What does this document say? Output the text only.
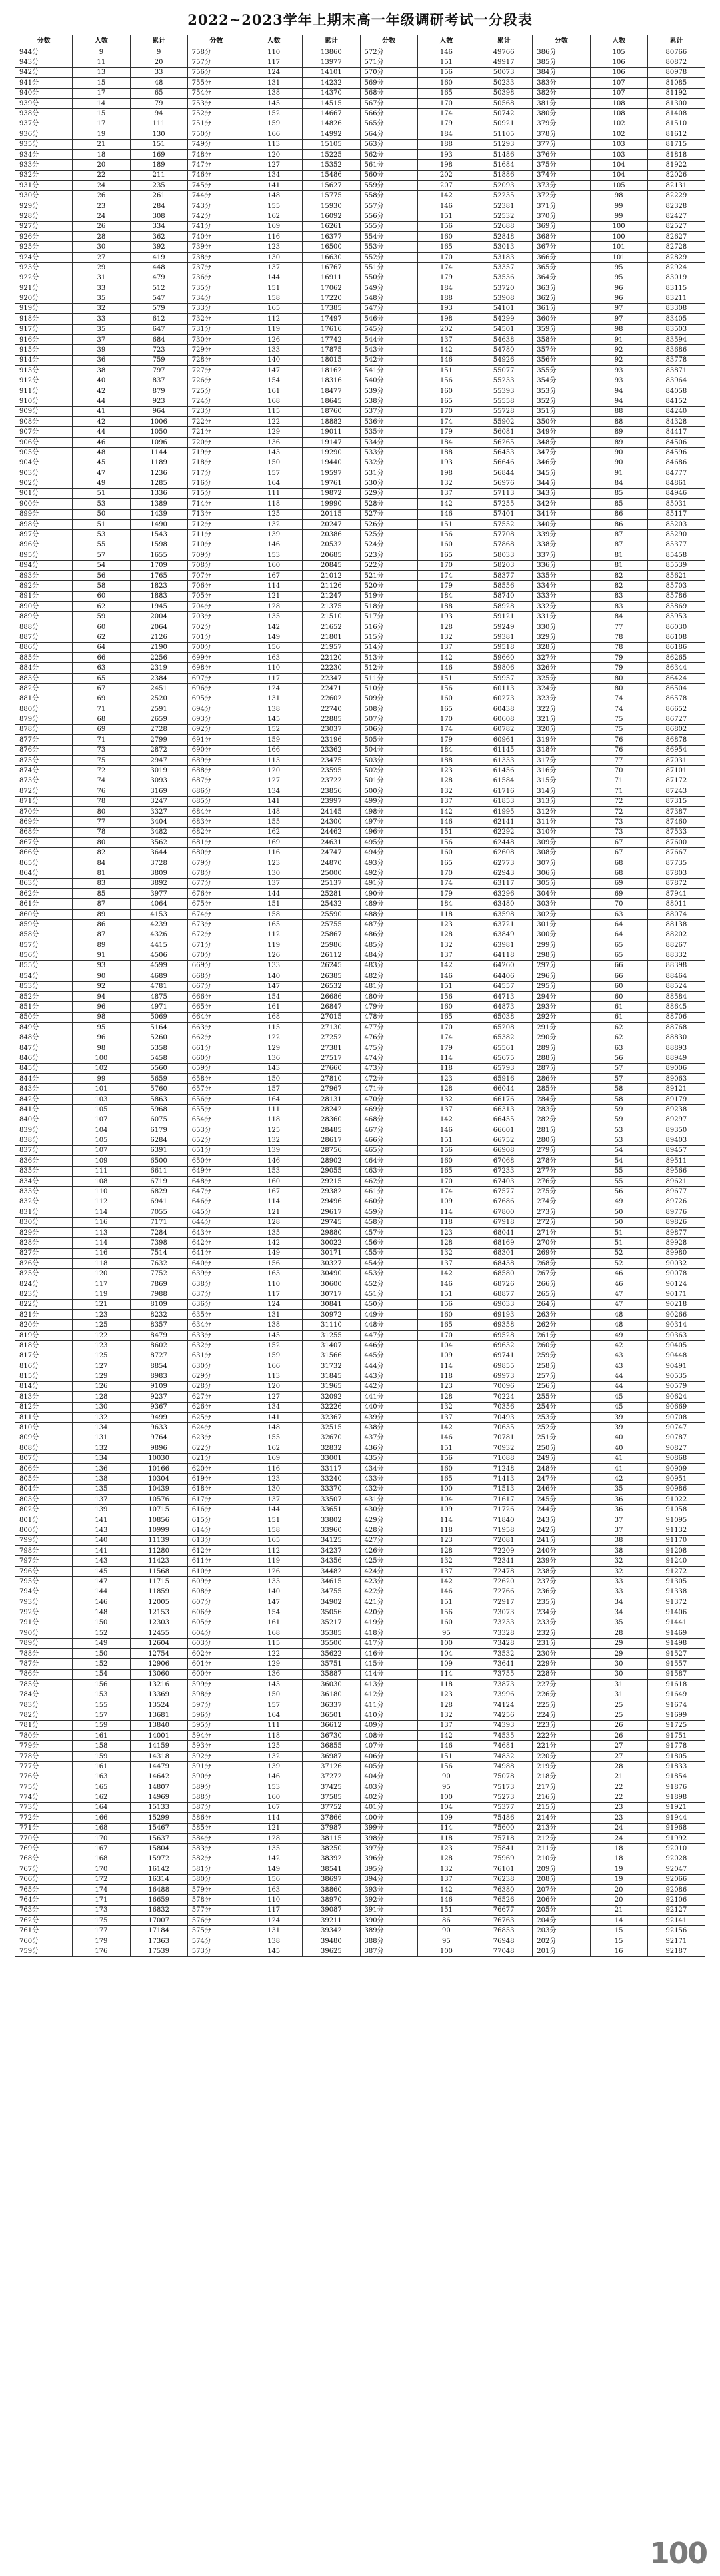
2022~2023学年上期末高一年级调研考试一分段表
分数	人数	累计	分数	人数	累计	分数	人数	累计	分数	人数	累计
944分	9	9	758分	110	13860	572分	146	49766	386分	105	80766
943分	11	20	757分	117	13977	571分	151	49917	385分	106	80872
942分	13	33	756分	124	14101	570分	156	50073	384分	106	80978
941分	15	48	755分	131	14232	569分	160	50233	383分	107	81085
940分	17	65	754分	138	14370	568分	165	50398	382分	107	81192
939分	14	79	753分	145	14515	567分	170	50568	381分	108	81300
938分	15	94	752分	152	14667	566分	174	50742	380分	108	81408
937分	17	111	751分	159	14826	565分	179	50921	379分	102	81510
936分	19	130	750分	166	14992	564分	184	51105	378分	102	81612
935分	21	151	749分	113	15105	563分	188	51293	377分	103	81715
934分	18	169	748分	120	15225	562分	193	51486	376分	103	81818
933分	20	189	747分	127	15352	561分	198	51684	375分	104	81922
932分	22	211	746分	134	15486	560分	202	51886	374分	104	82026
931分	24	235	745分	141	15627	559分	207	52093	373分	105	82131
930分	26	261	744分	148	15775	558分	142	52235	372分	98	82229
929分	23	284	743分	155	15930	557分	146	52381	371分	99	82328
928分	24	308	742分	162	16092	556分	151	52532	370分	99	82427
927分	26	334	741分	169	16261	555分	156	52688	369分	100	82527
926分	28	362	740分	116	16377	554分	160	52848	368分	100	82627
925分	30	392	739分	123	16500	553分	165	53013	367分	101	82728
924分	27	419	738分	130	16630	552分	170	53183	366分	101	82829
923分	29	448	737分	137	16767	551分	174	53357	365分	95	82924
922分	31	479	736分	144	16911	550分	179	53536	364分	95	83019
921分	33	512	735分	151	17062	549分	184	53720	363分	96	83115
920分	35	547	734分	158	17220	548分	188	53908	362分	96	83211
919分	32	579	733分	165	17385	547分	193	54101	361分	97	83308
918分	33	612	732分	112	17497	546分	198	54299	360分	97	83405
917分	35	647	731分	119	17616	545分	202	54501	359分	98	83503
916分	37	684	730分	126	17742	544分	137	54638	358分	91	83594
915分	39	723	729分	133	17875	543分	142	54780	357分	92	83686
914分	36	759	728分	140	18015	542分	146	54926	356分	92	83778
913分	38	797	727分	147	18162	541分	151	55077	355分	93	83871
912分	40	837	726分	154	18316	540分	156	55233	354分	93	83964
911分	42	879	725分	161	18477	539分	160	55393	353分	94	84058
910分	44	923	724分	168	18645	538分	165	55558	352分	94	84152
909分	41	964	723分	115	18760	537分	170	55728	351分	88	84240
908分	42	1006	722分	122	18882	536分	174	55902	350分	88	84328
907分	44	1050	721分	129	19011	535分	179	56081	349分	89	84417
906分	46	1096	720分	136	19147	534分	184	56265	348分	89	84506
905分	48	1144	719分	143	19290	533分	188	56453	347分	90	84596
904分	45	1189	718分	150	19440	532分	193	56646	346分	90	84686
903分	47	1236	717分	157	19597	531分	198	56844	345分	91	84777
902分	49	1285	716分	164	19761	530分	132	56976	344分	84	84861
901分	51	1336	715分	111	19872	529分	137	57113	343分	85	84946
900分	53	1389	714分	118	19990	528分	142	57255	342分	85	85031
899分	50	1439	713分	125	20115	527分	146	57401	341分	86	85117
898分	51	1490	712分	132	20247	526分	151	57552	340分	86	85203
897分	53	1543	711分	139	20386	525分	156	57708	339分	87	85290
896分	55	1598	710分	146	20532	524分	160	57868	338分	87	85377
895分	57	1655	709分	153	20685	523分	165	58033	337分	81	85458
894分	54	1709	708分	160	20845	522分	170	58203	336分	81	85539
893分	56	1765	707分	167	21012	521分	174	58377	335分	82	85621
892分	58	1823	706分	114	21126	520分	179	58556	334分	82	85703
891分	60	1883	705分	121	21247	519分	184	58740	333分	83	85786
890分	62	1945	704分	128	21375	518分	188	58928	332分	83	85869
889分	59	2004	703分	135	21510	517分	193	59121	331分	84	85953
888分	60	2064	702分	142	21652	516分	128	59249	330分	77	86030
887分	62	2126	701分	149	21801	515分	132	59381	329分	78	86108
886分	64	2190	700分	156	21957	514分	137	59518	328分	78	86186
885分	66	2256	699分	163	22120	513分	142	59660	327分	79	86265
884分	63	2319	698分	110	22230	512分	146	59806	326分	79	86344
883分	65	2384	697分	117	22347	511分	151	59957	325分	80	86424
882分	67	2451	696分	124	22471	510分	156	60113	324分	80	86504
881分	69	2520	695分	131	22602	509分	160	60273	323分	74	86578
880分	71	2591	694分	138	22740	508分	165	60438	322分	74	86652
879分	68	2659	693分	145	22885	507分	170	60608	321分	75	86727
878分	69	2728	692分	152	23037	506分	174	60782	320分	75	86802
877分	71	2799	691分	159	23196	505分	179	60961	319分	76	86878
876分	73	2872	690分	166	23362	504分	184	61145	318分	76	86954
875分	75	2947	689分	113	23475	503分	188	61333	317分	77	87031
874分	72	3019	688分	120	23595	502分	123	61456	316分	70	87101
873分	74	3093	687分	127	23722	501分	128	61584	315分	71	87172
872分	76	3169	686分	134	23856	500分	132	61716	314分	71	87243
871分	78	3247	685分	141	23997	499分	137	61853	313分	72	87315
870分	80	3327	684分	148	24145	498分	142	61995	312分	72	87387
869分	77	3404	683分	155	24300	497分	146	62141	311分	73	87460
868分	78	3482	682分	162	24462	496分	151	62292	310分	73	87533
867分	80	3562	681分	169	24631	495分	156	62448	309分	67	87600
866分	82	3644	680分	116	24747	494分	160	62608	308分	67	87667
865分	84	3728	679分	123	24870	493分	165	62773	307分	68	87735
864分	81	3809	678分	130	25000	492分	170	62943	306分	68	87803
863分	83	3892	677分	137	25137	491分	174	63117	305分	69	87872
862分	85	3977	676分	144	25281	490分	179	63296	304分	69	87941
861分	87	4064	675分	151	25432	489分	184	63480	303分	70	88011
860分	89	4153	674分	158	25590	488分	118	63598	302分	63	88074
859分	86	4239	673分	165	25755	487分	123	63721	301分	64	88138
858分	87	4326	672分	112	25867	486分	128	63849	300分	64	88202
857分	89	4415	671分	119	25986	485分	132	63981	299分	65	88267
856分	91	4506	670分	126	26112	484分	137	64118	298分	65	88332
855分	93	4599	669分	133	26245	483分	142	64260	297分	66	88398
854分	90	4689	668分	140	26385	482分	146	64406	296分	66	88464
853分	92	4781	667分	147	26532	481分	151	64557	295分	60	88524
852分	94	4875	666分	154	26686	480分	156	64713	294分	60	88584
851分	96	4971	665分	161	26847	479分	160	64873	293分	61	88645
850分	98	5069	664分	168	27015	478分	165	65038	292分	61	88706
849分	95	5164	663分	115	27130	477分	170	65208	291分	62	88768
848分	96	5260	662分	122	27252	476分	174	65382	290分	62	88830
847分	98	5358	661分	129	27381	475分	179	65561	289分	63	88893
846分	100	5458	660分	136	27517	474分	114	65675	288分	56	88949
845分	102	5560	659分	143	27660	473分	118	65793	287分	57	89006
844分	99	5659	658分	150	27810	472分	123	65916	286分	57	89063
843分	101	5760	657分	157	27967	471分	128	66044	285分	58	89121
842分	103	5863	656分	164	28131	470分	132	66176	284分	58	89179
841分	105	5968	655分	111	28242	469分	137	66313	283分	59	89238
840分	107	6075	654分	118	28360	468分	142	66455	282分	59	89297
839分	104	6179	653分	125	28485	467分	146	66601	281分	53	89350
838分	105	6284	652分	132	28617	466分	151	66752	280分	53	89403
837分	107	6391	651分	139	28756	465分	156	66908	279分	54	89457
836分	109	6500	650分	146	28902	464分	160	67068	278分	54	89511
835分	111	6611	649分	153	29055	463分	165	67233	277分	55	89566
834分	108	6719	648分	160	29215	462分	170	67403	276分	55	89621
833分	110	6829	647分	167	29382	461分	174	67577	275分	56	89677
832分	112	6941	646分	114	29496	460分	109	67686	274分	49	89726
831分	114	7055	645分	121	29617	459分	114	67800	273分	50	89776
830分	116	7171	644分	128	29745	458分	118	67918	272分	50	89826
829分	113	7284	643分	135	29880	457分	123	68041	271分	51	89877
828分	114	7398	642分	142	30022	456分	128	68169	270分	51	89928
827分	116	7514	641分	149	30171	455分	132	68301	269分	52	89980
826分	118	7632	640分	156	30327	454分	137	68438	268分	52	90032
825分	120	7752	639分	163	30490	453分	142	68580	267分	46	90078
824分	117	7869	638分	110	30600	452分	146	68726	266分	46	90124
823分	119	7988	637分	117	30717	451分	151	68877	265分	47	90171
822分	121	8109	636分	124	30841	450分	156	69033	264分	47	90218
821分	123	8232	635分	131	30972	449分	160	69193	263分	48	90266
820分	125	8357	634分	138	31110	448分	165	69358	262分	48	90314
819分	122	8479	633分	145	31255	447分	170	69528	261分	49	90363
818分	123	8602	632分	152	31407	446分	104	69632	260分	42	90405
817分	125	8727	631分	159	31566	445分	109	69741	259分	43	90448
816分	127	8854	630分	166	31732	444分	114	69855	258分	43	90491
815分	129	8983	629分	113	31845	443分	118	69973	257分	44	90535
814分	126	9109	628分	120	31965	442分	123	70096	256分	44	90579
813分	128	9237	627分	127	32092	441分	128	70224	255分	45	90624
812分	130	9367	626分	134	32226	440分	132	70356	254分	45	90669
811分	132	9499	625分	141	32367	439分	137	70493	253分	39	90708
810分	134	9633	624分	148	32515	438分	142	70635	252分	39	90747
809分	131	9764	623分	155	32670	437分	146	70781	251分	40	90787
808分	132	9896	622分	162	32832	436分	151	70932	250分	40	90827
807分	134	10030	621分	169	33001	435分	156	71088	249分	41	90868
806分	136	10166	620分	116	33117	434分	160	71248	248分	41	90909
805分	138	10304	619分	123	33240	433分	165	71413	247分	42	90951
804分	135	10439	618分	130	33370	432分	100	71513	246分	35	90986
803分	137	10576	617分	137	33507	431分	104	71617	245分	36	91022
802分	139	10715	616分	144	33651	430分	109	71726	244分	36	91058
801分	141	10856	615分	151	33802	429分	114	71840	243分	37	91095
800分	143	10999	614分	158	33960	428分	118	71958	242分	37	91132
799分	140	11139	613分	165	34125	427分	123	72081	241分	38	91170
798分	141	11280	612分	112	34237	426分	128	72209	240分	38	91208
797分	143	11423	611分	119	34356	425分	132	72341	239分	32	91240
796分	145	11568	610分	126	34482	424分	137	72478	238分	32	91272
795分	147	11715	609分	133	34615	423分	142	72620	237分	33	91305
794分	144	11859	608分	140	34755	422分	146	72766	236分	33	91338
793分	146	12005	607分	147	34902	421分	151	72917	235分	34	91372
792分	148	12153	606分	154	35056	420分	156	73073	234分	34	91406
791分	150	12303	605分	161	35217	419分	160	73233	233分	35	91441
790分	152	12455	604分	168	35385	418分	95	73328	232分	28	91469
789分	149	12604	603分	115	35500	417分	100	73428	231分	29	91498
788分	150	12754	602分	122	35622	416分	104	73532	230分	29	91527
787分	152	12906	601分	129	35751	415分	109	73641	229分	30	91557
786分	154	13060	600分	136	35887	414分	114	73755	228分	30	91587
785分	156	13216	599分	143	36030	413分	118	73873	227分	31	91618
784分	153	13369	598分	150	36180	412分	123	73996	226分	31	91649
783分	155	13524	597分	157	36337	411分	128	74124	225分	25	91674
782分	157	13681	596分	164	36501	410分	132	74256	224分	25	91699
781分	159	13840	595分	111	36612	409分	137	74393	223分	26	91725
780分	161	14001	594分	118	36730	408分	142	74535	222分	26	91751
779分	158	14159	593分	125	36855	407分	146	74681	221分	27	91778
778分	159	14318	592分	132	36987	406分	151	74832	220分	27	91805
777分	161	14479	591分	139	37126	405分	156	74988	219分	28	91833
776分	163	14642	590分	146	37272	404分	90	75078	218分	21	91854
775分	165	14807	589分	153	37425	403分	95	75173	217分	22	91876
774分	162	14969	588分	160	37585	402分	100	75273	216分	22	91898
773分	164	15133	587分	167	37752	401分	104	75377	215分	23	91921
772分	166	15299	586分	114	37866	400分	109	75486	214分	23	91944
771分	168	15467	585分	121	37987	399分	114	75600	213分	24	91968
770分	170	15637	584分	128	38115	398分	118	75718	212分	24	91992
769分	167	15804	583分	135	38250	397分	123	75841	211分	18	92010
768分	168	15972	582分	142	38392	396分	128	75969	210分	18	92028
767分	170	16142	581分	149	38541	395分	132	76101	209分	19	92047
766分	172	16314	580分	156	38697	394分	137	76238	208分	19	92066
765分	174	16488	579分	163	38860	393分	142	76380	207分	20	92086
764分	171	16659	578分	110	38970	392分	146	76526	206分	20	92106
763分	173	16832	577分	117	39087	391分	151	76677	205分	21	92127
762分	175	17007	576分	124	39211	390分	86	76763	204分	14	92141
761分	177	17184	575分	131	39342	389分	90	76853	203分	15	92156
760分	179	17363	574分	138	39480	388分	95	76948	202分	15	92171
759分	176	17539	573分	145	39625	387分	100	77048	201分	16	92187
100
